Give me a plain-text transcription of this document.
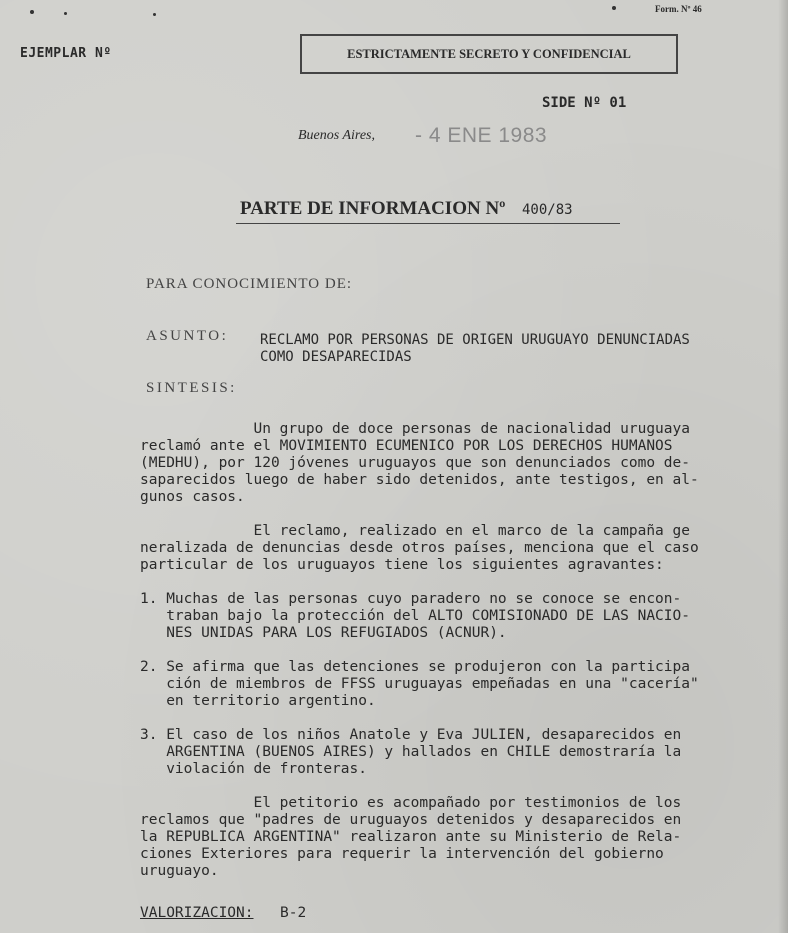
Form. Nº 46
EJEMPLAR Nº	ESTRICTAMENTE SECRETO Y CONFIDENCIAL
SIDE Nº 01
Buenos Aires, - 4 ENE 1983
PARTE DE INFORMACION Nº 400/83
PARA CONOCIMIENTO DE:
ASUNTO: RECLAMO POR PERSONAS DE ORIGEN URUGUAYO DENUNCIADAS
COMO DESAPARECIDAS
SINTESIS:
Un grupo de doce personas de nacionalidad uruguaya
reclamó ante el MOVIMIENTO ECUMENICO POR LOS DERECHOS HUMANOS
(MEDHU), por 120 jóvenes uruguayos que son denunciados como de-
saparecidos luego de haber sido detenidos, ante testigos, en al-
gunos casos.
El reclamo, realizado en el marco de la campaña ge
neralizada de denuncias desde otros países, menciona que el caso
particular de los uruguayos tiene los siguientes agravantes:
1. Muchas de las personas cuyo paradero no se conoce se encon-
traban bajo la protección del ALTO COMISIONADO DE LAS NACIO-
NES UNIDAS PARA LOS REFUGIADOS (ACNUR).
2. Se afirma que las detenciones se produjeron con la participa
ción de miembros de FFSS uruguayas empeñadas en una "cacería"
en territorio argentino.
3. El caso de los niños Anatole y Eva JULIEN, desaparecidos en
ARGENTINA (BUENOS AIRES) y hallados en CHILE demostraría la
violación de fronteras.
El petitorio es acompañado por testimonios de los
reclamos que "padres de uruguayos detenidos y desaparecidos en
la REPUBLICA ARGENTINA" realizaron ante su Ministerio de Rela-
ciones Exteriores para requerir la intervención del gobierno
uruguayo.
VALORIZACION: B-2
